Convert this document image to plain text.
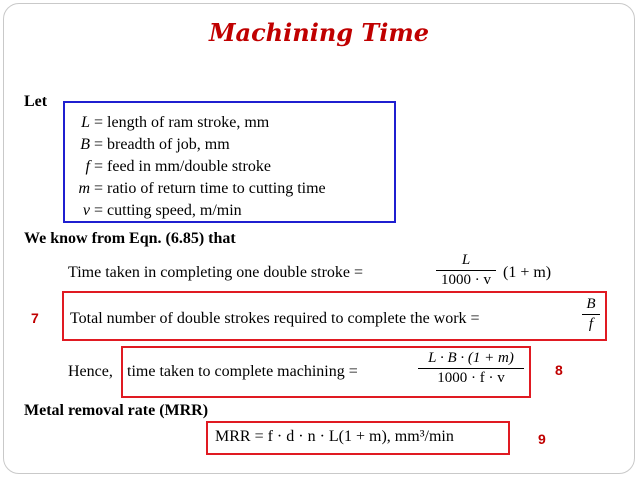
Machining Time
Let
L = length of ram stroke, mm
B = breadth of job, mm
f = feed in mm/double stroke
m = ratio of return time to cutting time
v = cutting speed, m/min
We know from Eqn. (6.85) that
Time taken in completing one double stroke =
L
1000 · v (1 + m)
7 Total number of double strokes required to complete the work =
B
f
Hence, time taken to complete machining =
L · B · (1 + m)
1000 · f · v	8
Metal removal rate (MRR)
MRR = f · d · n · L(1 + m), mm³/min	9
